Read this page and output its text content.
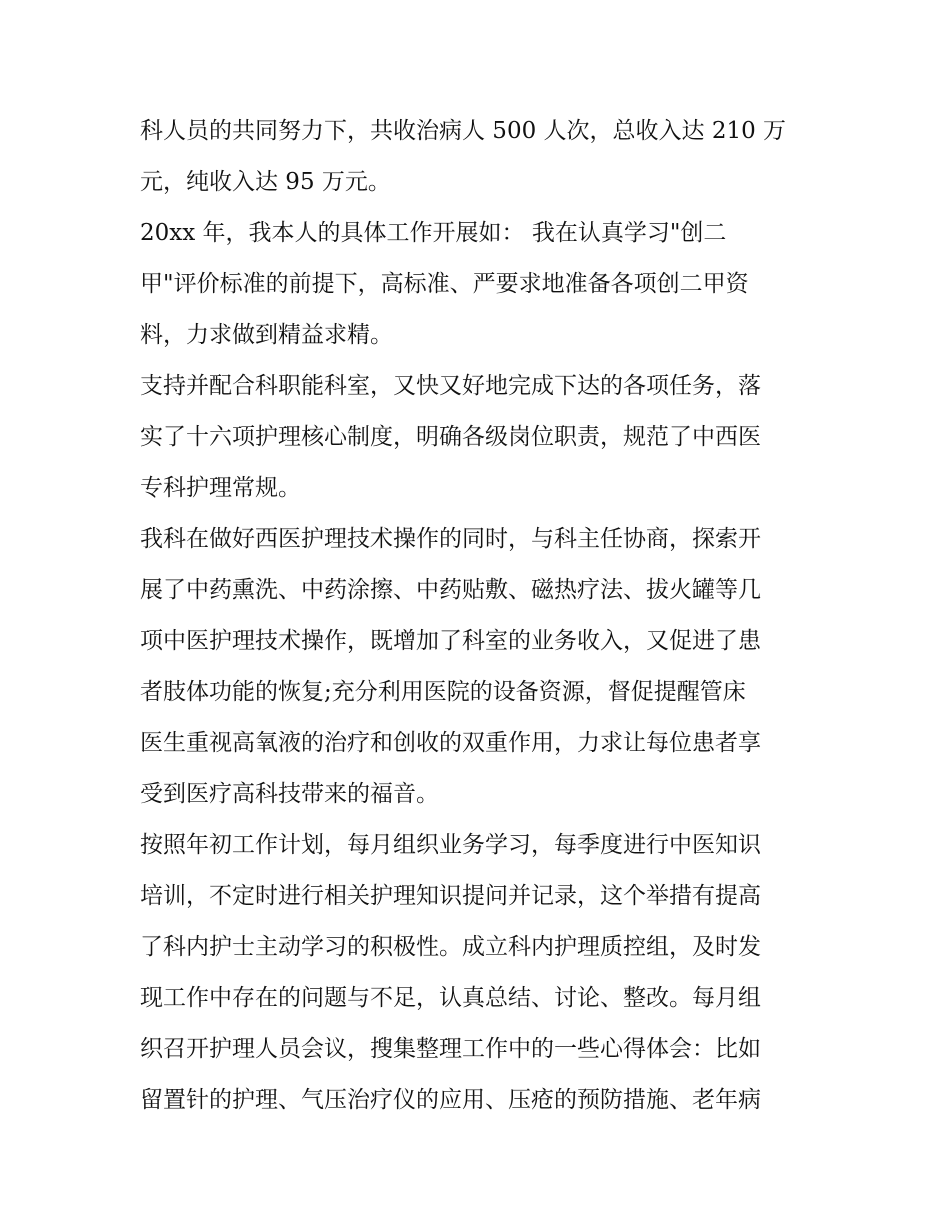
科人员的共同努力下，共收治病人 500 人次，总收入达 210 万
元，纯收入达 95 万元。
20xx 年，我本人的具体工作开展如： 我在认真学习"创二
甲"评价标准的前提下，高标准、严要求地准备各项创二甲资
料，力求做到精益求精。
支持并配合科职能科室，又快又好地完成下达的各项任务，落
实了十六项护理核心制度，明确各级岗位职责，规范了中西医
专科护理常规。
我科在做好西医护理技术操作的同时，与科主任协商，探索开
展了中药熏洗、中药涂擦、中药贴敷、磁热疗法、拔火罐等几
项中医护理技术操作，既增加了科室的业务收入，又促进了患
者肢体功能的恢复;充分利用医院的设备资源，督促提醒管床
医生重视高氧液的治疗和创收的双重作用，力求让每位患者享
受到医疗高科技带来的福音。
按照年初工作计划，每月组织业务学习，每季度进行中医知识
培训，不定时进行相关护理知识提问并记录，这个举措有提高
了科内护士主动学习的积极性。成立科内护理质控组，及时发
现工作中存在的问题与不足，认真总结、讨论、整改。每月组
织召开护理人员会议，搜集整理工作中的一些心得体会：比如
留置针的护理、气压治疗仪的应用、压疮的预防措施、老年病
